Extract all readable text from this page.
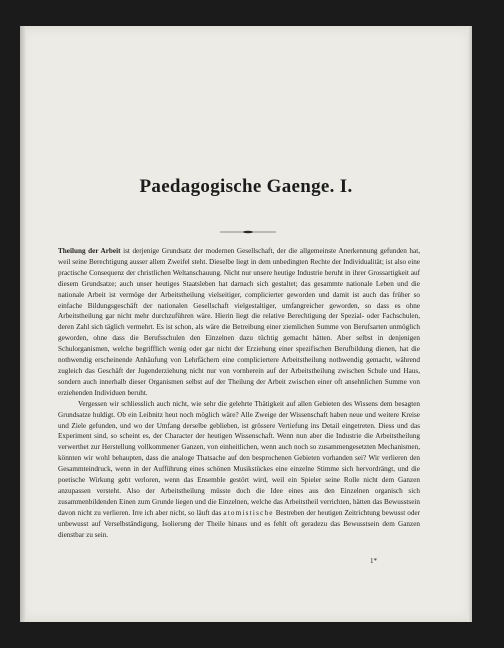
Paedagogische Gaenge. I.

Theilung der Arbeit ist derjenige Grundsatz der modernen Gesellschaft, der die allgemeinste Anerkennung gefunden hat, weil seine Berechtigung ausser allem Zweifel steht. Dieselbe liegt in dem unbedingten Rechte der Individualität; ist also eine practische Consequenz der christlichen Weltanschauung. Nicht nur unsere heutige Industrie beruht in ihrer Grossartigkeit auf diesem Grundsatze; auch unser heutiges Staatsleben hat darnach sich gestaltet; das gesammte nationale Leben und die nationale Arbeit ist vermöge der Arbeitstheilung vielseitiger, complicierter geworden und damit ist auch das früher so einfache Bildungsgeschäft der nationalen Gesellschaft vielgestaltiger, umfangreicher geworden, so dass es ohne Arbeitstheilung gar nicht mehr durchzuführen wäre. Hierin liegt die relative Berechtigung der Spezial- oder Fachschulen, deren Zahl sich täglich vermehrt. Es ist schon, als wäre die Betreibung einer ziemlichen Summe von Berufsarten unmöglich geworden, ohne dass die Berufsschulen den Einzelnen dazu tüchtig gemacht hätten. Aber selbst in denjenigen Schulorganismen, welche begrifflich wenig oder gar nicht der Erziehung einer spezifischen Berufbildung dienen, hat die nothwendig erscheinende Anhäufung von Lehrfächern eine compliciertere Arbeitstheilung nothwendig gemacht, während zugleich das Geschäft der Jugenderziehung nicht nur von vornherein auf der Arbeitstheilung zwischen Schule und Haus, sondern auch innerhalb dieser Organismen selbst auf der Theilung der Arbeit zwischen einer oft ansehnlichen Summe von erziehenden Individuen beruht.

Vergessen wir schliesslich auch nicht, wie sehr die gelehrte Thätigkeit auf allen Gebieten des Wissens dem besagten Grundsatze huldigt. Ob ein Leibnitz heut noch möglich wäre? Alle Zweige der Wissenschaft haben neue und weitere Kreise und Ziele gefunden, und wo der Umfang derselbe geblieben, ist grössere Vertiefung ins Detail eingetreten. Diess und das Experiment sind, so scheint es, der Character der heutigen Wissenschaft. Wenn nun aber die Industrie die Arbeitstheilung verwerthet zur Herstellung vollkommener Ganzen, von einheitlichen, wenn auch noch so zusammengesetzten Mechanismen, könnten wir wohl behaupten, dass die analoge Thatsache auf den besprochenen Gebieten vorhanden sei? Wir verlieren den Gesammteindruck, wenn in der Aufführung eines schönen Musikstückes eine einzelne Stimme sich hervordrängt, und die poetische Wirkung geht verloren, wenn das Ensemble gestört wird, weil ein Spieler seine Rolle nicht dem Ganzen anzupassen versteht. Also der Arbeitstheilung müsste doch die Idee eines aus den Einzelnen organisch sich zusammenbildenden Einen zum Grunde liegen und die Einzelnen, welche das Arbeitstheil verrichten, hätten das Bewusstsein davon nicht zu verlieren. Irre ich aber nicht, so läuft das atomistische Bestreben der heutigen Zeitrichtung bewusst oder unbewusst auf Verselbständigung, Isolierung der Theile hinaus und es fehlt oft geradezu das Bewusstsein dem Ganzen dienstbar zu sein.

1*
